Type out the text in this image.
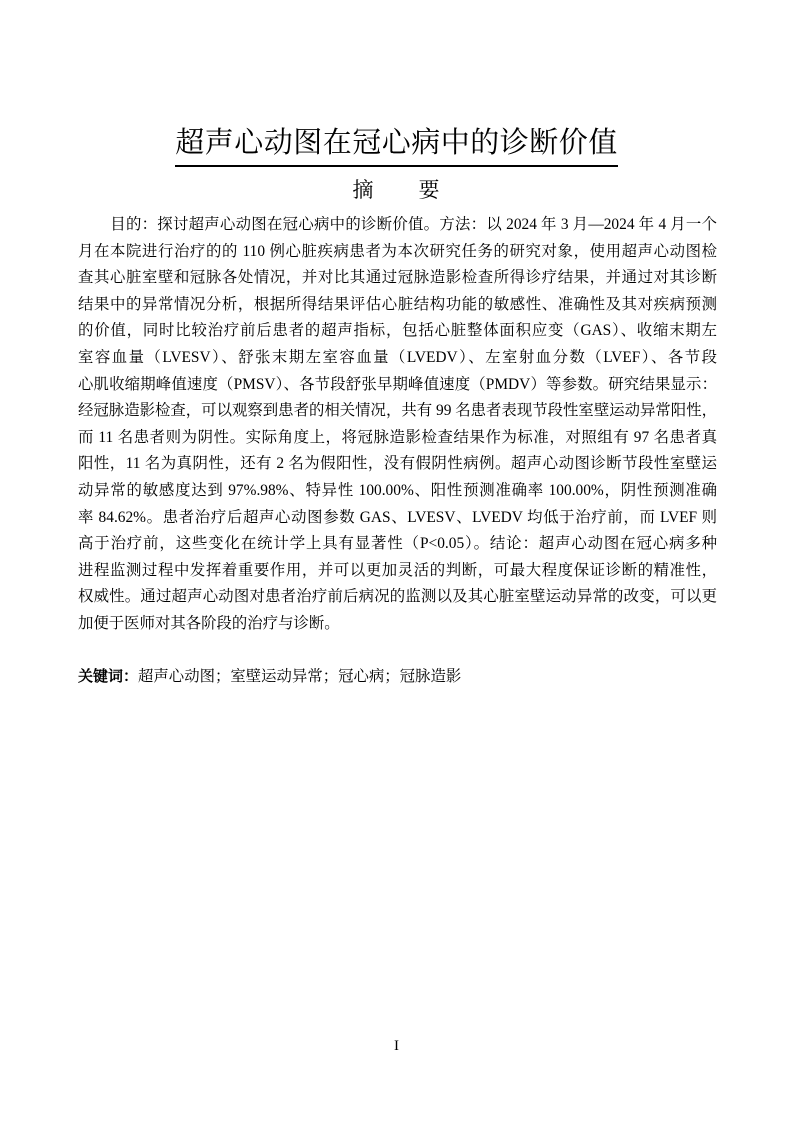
超声心动图在冠心病中的诊断价值
摘　　要

目的：探讨超声心动图在冠心病中的诊断价值。方法：以 2024 年 3 月—2024 年 4 月一个
月在本院进行治疗的的 110 例心脏疾病患者为本次研究任务的研究对象，使用超声心动图检
查其心脏室壁和冠脉各处情况，并对比其通过冠脉造影检查所得诊疗结果，并通过对其诊断
结果中的异常情况分析，根据所得结果评估心脏结构功能的敏感性、准确性及其对疾病预测
的价值，同时比较治疗前后患者的超声指标，包括心脏整体面积应变（GAS）、收缩末期左
室容血量（LVESV）、舒张末期左室容血量（LVEDV）、左室射血分数（LVEF）、各节段
心肌收缩期峰值速度（PMSV）、各节段舒张早期峰值速度（PMDV）等参数。研究结果显示：
经冠脉造影检查，可以观察到患者的相关情况，共有 99 名患者表现节段性室壁运动异常阳性，
而 11 名患者则为阴性。实际角度上，将冠脉造影检查结果作为标准，对照组有 97 名患者真
阳性，11 名为真阴性，还有 2 名为假阳性，没有假阴性病例。超声心动图诊断节段性室壁运
动异常的敏感度达到 97%.98%、特异性 100.00%、阳性预测准确率 100.00%，阴性预测准确
率 84.62%。患者治疗后超声心动图参数 GAS、LVESV、LVEDV 均低于治疗前，而 LVEF 则
高于治疗前，这些变化在统计学上具有显著性（P<0.05）。结论：超声心动图在冠心病多种
进程监测过程中发挥着重要作用，并可以更加灵活的判断，可最大程度保证诊断的精准性，
权威性。通过超声心动图对患者治疗前后病况的监测以及其心脏室壁运动异常的改变，可以更
加便于医师对其各阶段的治疗与诊断。

关键词：超声心动图；室壁运动异常；冠心病；冠脉造影
I
